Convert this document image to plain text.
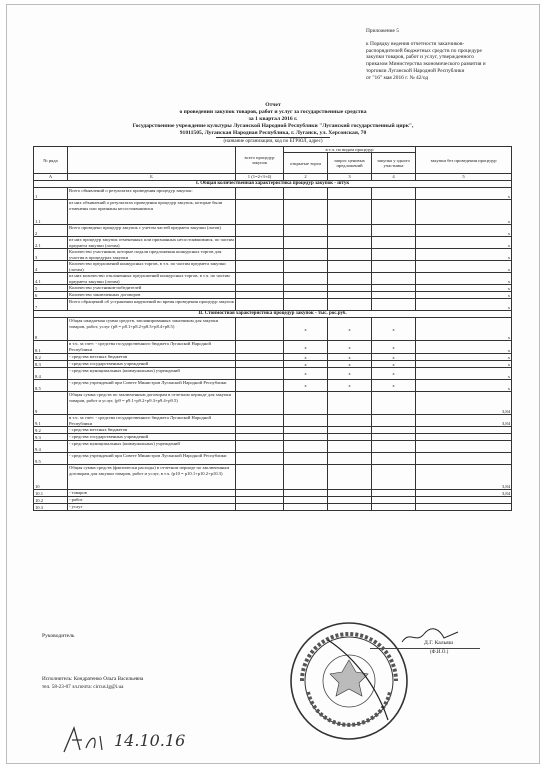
Приложение 5
к Порядку ведения отчетности заказчиков-
распорядителей бюджетных средств по процедуре
закупки товаров, работ и услуг, утвержденного
приказом Министерства экономического развития и
торговли Луганской Народной Республики
от "16" мая 2016 г. № 42/од
Отчет
о проведении закупок товаров, работ и услуг за государственные средства
за 1 квартал 2016 г.
Государственное учреждение культуры Луганской Народной Республики "Луганский государственный цирк",
91011505, Луганская Народная Республика, г. Луганск, ул. Херсонская, 70
(название организации, код по ЕГРЮЛ, адрес)
№ ряда		всего процедур закупок	в т.ч. по видам процедур			закупки без проведения процедур
			открытые торги	запрос ценовых предложений	закупка у одного участника	
А	Б	1 (1=2+3+4)	2	3	4	5
I. Общая количественная характеристика процедур закупок - штук						
1	Всего объявлений о результатах проведения процедур закупок:					x
1.1	из них объявлений о результатах проведения процедур закупок, которые были отменены или признаны несостоявшимися					x
2	Всего проведено процедур закупок с учетом частей предмета закупки (лотов)					x
2.1	из них процедур закупок отмененных или признанных несостоявшимися, по частям предмета закупки (лотам)					x
3	Количество участников, которые подали предложения конкурсных торгов для участия в процедурах закупки					x
4	Количество предложений конкурсных торгов, в т.ч. по частям предмета закупки (лотам)					x
4.1	из них количество отклоненных предложений конкурсных торгов, в т.ч. по частям предмета закупки (лотам)					x
5	Количество участников-победителей					x
6	Количество заключенных договоров					x
7	Всего обращений об устранении нарушений во время проведения процедур закупок					x
II. Стоимостная характеристика процедур закупок - тыс. рос.руб.						
8	Общая ожидаемая сумма средств, запланированных заказчиком для закупки товаров, работ, услуг (р8 = р8.1+р8.2+р8.3+р8.4+р8.5)		x	x	x	x
8.1	в т.ч. за счет: - средства государственного бюджета Луганской Народной Республики		x	x	x	x
8.2	- средства местных бюджетов		x	x	x	x
8.3	- средства государственных учреждений		x	x	x	x
8.4	- средства муниципальных (коммунальных) учреждений		x	x	x	x
8.5	- средства учреждений при Совете Министров Луганской Народной Республики		x	x	x	x
9	Общая сумма средств по заключенным договорам в отчетном периоде для закупки товаров, работ и услуг, (р9 = р9.1+р9.2+р9.3+р9.4+р9.5)					3,84
9.1	в т.ч. за счет: - средства государственного бюджета Луганской Народной Республики					3,84
9.2	- средства местных бюджетов					
9.3	- средства государственных учреждений					
9.4	- средства муниципальных (коммунальных) учреждений					
9.5	- средства учреждений при Совете Министров Луганской Народной Республики					
10	Общая сумма средств (фактически расходы) в отчетном периоде по заключенным договорам для закупки товаров, работ и услуг, в т.ч. (р10 = р10.1+р10.2+р10.3)					3,84
10.1	- товаров					3,84
10.2	- работ					
10.3	- услуг					
Руководитель
Д.Г. Кальяш
(Ф.И.О.)
Исполнитель: Кондратенко Ольга Васильевна
тел. 58-23-07 эл.почта: circus.lg@i.ua
14.10.16
